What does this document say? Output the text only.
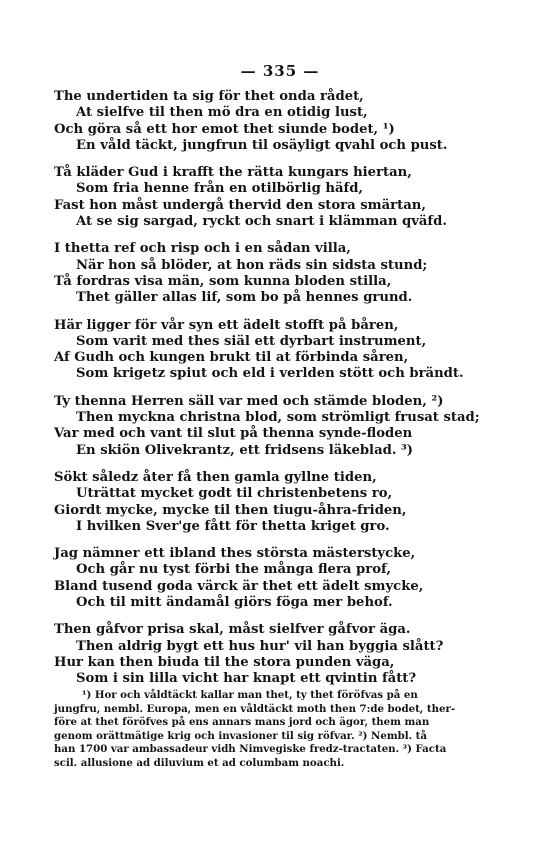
— 335 —
The undertiden ta sig för thet onda rådet,
At sielfve til then mö dra en otidig lust,
Och göra så ett hor emot thet siunde bodet, ¹)
En våld täckt, jungfrun til osäyligt qvahl och pust.
Tå kläder Gud i krafft the rätta kungars hiertan,
Som fria henne från en otilbörlig häfd,
Fast hon måst undergå thervid den stora smärtan,
At se sig sargad, ryckt och snart i klämman qväfd.
I thetta ref och risp och i en sådan villa,
När hon så blöder, at hon räds sin sidsta stund;
Tå fordras visa män, som kunna bloden stilla,
Thet gäller allas lif, som bo på hennes grund.
Här ligger för vår syn ett ädelt stofft på båren,
Som varit med thes siäl ett dyrbart instrument,
Af Gudh och kungen brukt til at förbinda såren,
Som krigetz spiut och eld i verlden stött och brändt.
Ty thenna Herren säll var med och stämde bloden, ²)
Then myckna christna blod, som strömligt frusat stad;
Var med och vant til slut på thenna synde-floden
En skiön Olivekrantz, ett fridsens läkeblad. ³)
Sökt såledz åter få then gamla gyllne tiden,
Uträttat mycket godt til christenbetens ro,
Giordt mycke, mycke til then tiugu-åhra-friden,
I hvilken Sver'ge fått för thetta kriget gro.
Jag nämner ett ibland thes största mästerstycke,
Och går nu tyst förbi the många flera prof,
Bland tusend goda värck är thet ett ädelt smycke,
Och til mitt ändamål giörs föga mer behof.
Then gåfvor prisa skal, måst sielfver gåfvor äga.
Then aldrig bygt ett hus hur' vil han byggia slått?
Hur kan then biuda til the stora punden väga,
Som i sin lilla vicht har knapt ett qvintin fått?
¹) Hor och våldtäckt kallar man thet, ty thet föröfvas på en
jungfru, nembl. Europa, men en våldtäckt moth then 7:de bodet, ther-
före at thet föröfves på ens annars mans jord och ägor, them man
genom orättmätige krig och invasioner til sig röfvar. ²) Nembl. tå
han 1700 var ambassadeur vidh Nimvegiske fredz-tractaten. ³) Facta
scil. allusione ad diluvium et ad columbam noachi.
